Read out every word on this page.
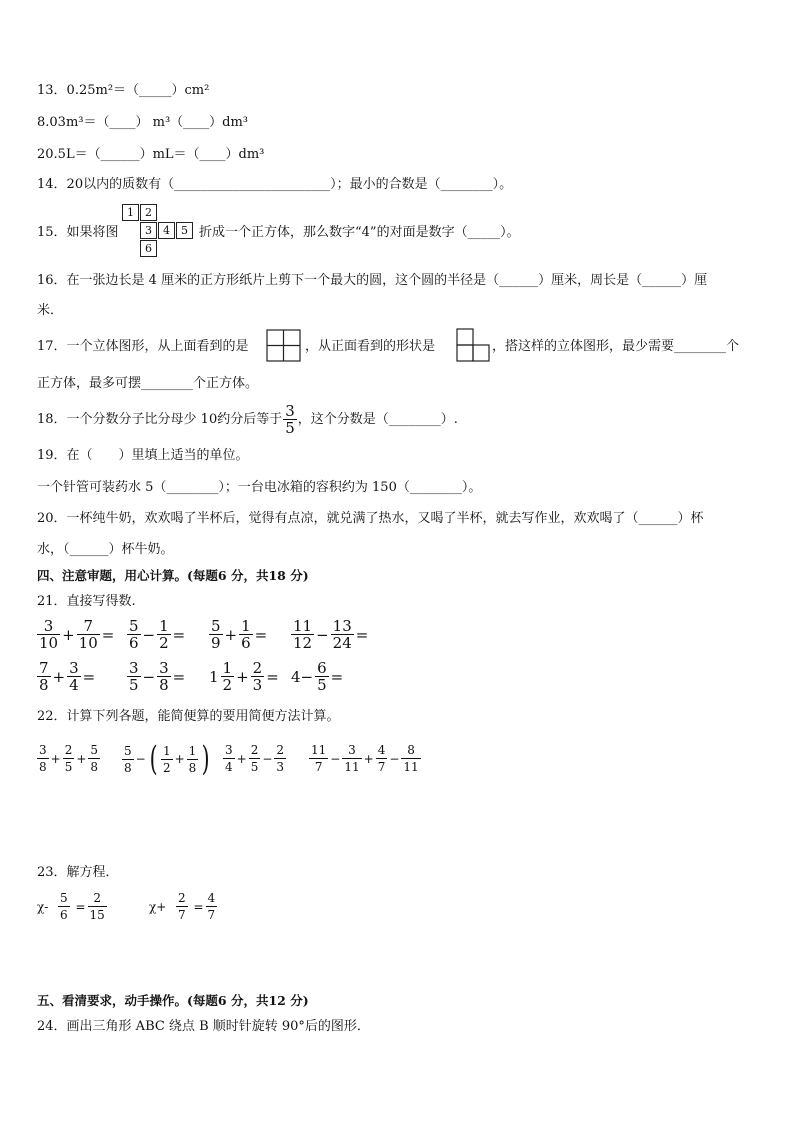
13．0.25m²＝（_____）cm²
8.03m³＝（____） m³（____）dm³
20.5L＝（______）mL＝（____）dm³
14．20以内的质数有（________________________）；最小的合数是（________）。
15．如果将图
1	2
3	4	5
6
折成一个正方体，那么数字“4”的对面是数字（_____）。
16．在一张边长是 4 厘米的正方形纸片上剪下一个最大的圆，这个圆的半径是（______）厘米，周长是（______）厘
米．
17．一个立体图形，从上面看到的是	，从正面看到的形状是	，搭这样的立体图形，最少需要________个
正方体，最多可摆________个正方体。
18．一个分数分子比分母少 10约分后等于 $\frac{3}{5}$ ，这个分数是（________）.
19．在（　　）里填上适当的单位。
一个针管可装药水 5（________）；一台电冰箱的容积约为 150（________）。
20．一杯纯牛奶，欢欢喝了半杯后，觉得有点凉，就兑满了热水，又喝了半杯，就去写作业，欢欢喝了（______）杯
水，（______）杯牛奶。
四、注意审题，用心计算。(每题6 分，共18 分)
21．直接写得数.
$\frac{3}{10} + \frac{7}{10} = \frac{5}{6} - \frac{1}{2} = \frac{5}{9} + \frac{1}{6} = \frac{11}{12} - \frac{13}{24}$ =
$\frac{7}{8} + \frac{3}{4} = \frac{3}{5} - \frac{3}{8} = 1 \frac{1}{2} + \frac{2}{3} = 4- \frac{6}{5}$ =
22．计算下列各题，能简便算的要用简便方法计算。
$\frac{3}{8} + \frac{2}{5} + \frac{5}{8} \frac{5}{8}$ − ( $\frac{1}{2} + \frac{1}{8}$ ) $\frac{3}{4} + \frac{2}{5} - \frac{2}{3} \frac{11}{7} - \frac{3}{11} + \frac{4}{7} - \frac{8}{11}$
23．解方程．
$\chi- \frac{5}{6} = \frac{2}{15}$	$\chi+ \frac{2}{7} = \frac{4}{7}$
五、看清要求，动手操作。(每题6 分，共12 分)
24．画出三角形 ABC 绕点 B 顺时针旋转 90°后的图形．
